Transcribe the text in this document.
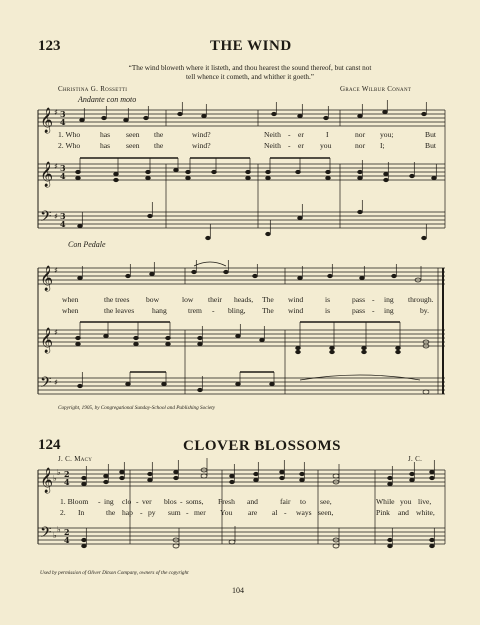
123	THE WIND
“The wind bloweth where it listeth, and thou hearest the sound thereof, but canst not
tell whence it cometh, and whither it goeth.”
Christina G. Rossetti	Grace Wilbur Conant
Andante con moto
𝄞
𝄞
𝄢
𝄞
𝄞
𝄢
𝄞
𝄢
♯
♯
♯
♯
♯
♯
♭
♭
♭
♭
3
4
3
4
3
4
2
4
2
4
1. Who	has seen the	wind?	Neith - er	I	nor you;	But
2. Who	has seen the	wind?	Neith - er you	nor I;	But
Con Pedale
when	the trees bow	low their heads, The wind	is	pass - ing through.
when	the leaves hang	trem - bling, The wind	is	pass - ing	by.
Copyright, 1905, by Congregational Sunday-School and Publishing Society
124	CLOVER BLOSSOMS
J. C. Macy	J. C.
1. Bloom - ing clo - ver blos - soms, Fresh and	fair to see,	While you live,
2. In	the hap - py sum - mer You are al - ways seen,	Pink and white,
Used by permission of Oliver Ditson Company, owners of the copyright
104
